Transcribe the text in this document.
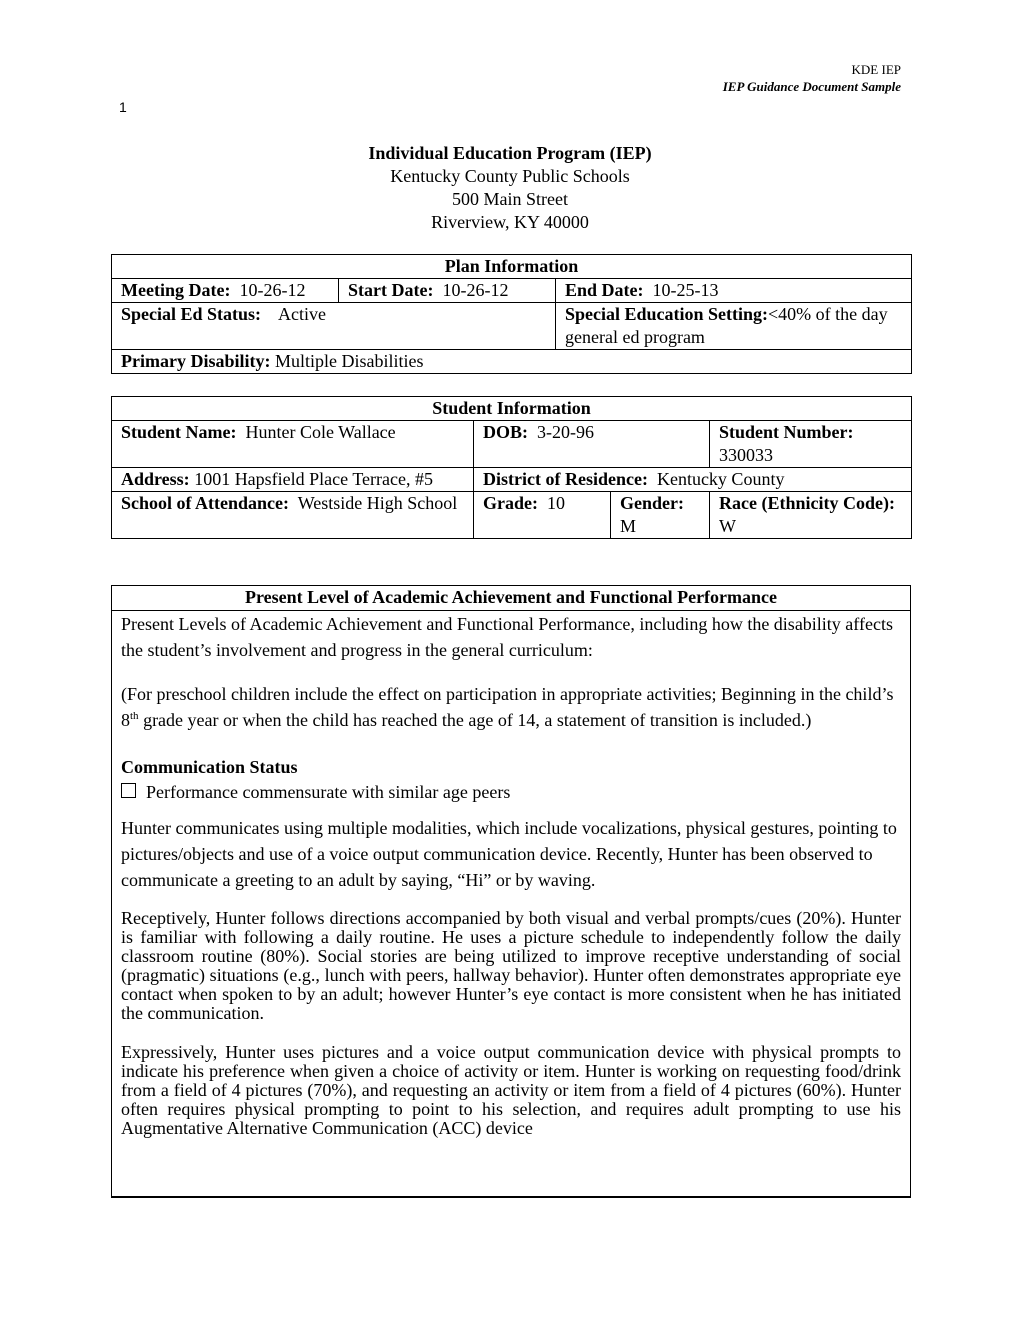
KDE IEP
IEP Guidance Document Sample
1
Individual Education Program (IEP)
Kentucky County Public Schools
500 Main Street
Riverview, KY 40000
Plan Information		
Meeting Date: 10-26-12	Start Date: 10-26-12	End Date: 10-25-13
Special Ed Status: Active		Special Education Setting:<40% of the day general ed program
Primary Disability: Multiple Disabilities		
Student Information			
Student Name: Hunter Cole Wallace	DOB: 3-20-96		Student Number:
330033
Address: 1001 Hapsfield Place Terrace, #5	District of Residence: Kentucky County		
School of Attendance: Westside High School	Grade: 10	Gender:
M	Race (Ethnicity Code):  W
Present Level of Academic Achievement and Functional Performance

Present Levels of Academic Achievement and Functional Performance, including how the disability affects the student’s involvement and progress in the general curriculum:

(For preschool children include the effect on participation in appropriate activities; Beginning in the child’s 8th grade year or when the child has reached the age of 14, a statement of transition is included.)

Communication Status

Performance commensurate with similar age peers

Hunter communicates using multiple modalities, which include vocalizations, physical gestures, pointing to pictures/objects and use of a voice output communication device. Recently, Hunter has been observed to communicate a greeting to an adult by saying, “Hi” or by waving.

Receptively, Hunter follows directions accompanied by both visual and verbal prompts/cues (20%). Hunter is familiar with following a daily routine. He uses a picture schedule to independently follow the daily classroom routine (80%). Social stories are being utilized to improve receptive understanding of social (pragmatic) situations (e.g., lunch with peers, hallway behavior). Hunter often demonstrates appropriate eye contact when spoken to by an adult; however Hunter’s eye contact is more consistent when he has initiated the communication.

Expressively, Hunter uses pictures and a voice output communication device with physical prompts to indicate his preference when given a choice of activity or item. Hunter is working on requesting food/drink from a field of 4 pictures (70%), and requesting an activity or item from a field of 4 pictures (60%). Hunter often requires physical prompting to point to his selection, and requires adult prompting to use his Augmentative Alternative Communication (ACC) device
